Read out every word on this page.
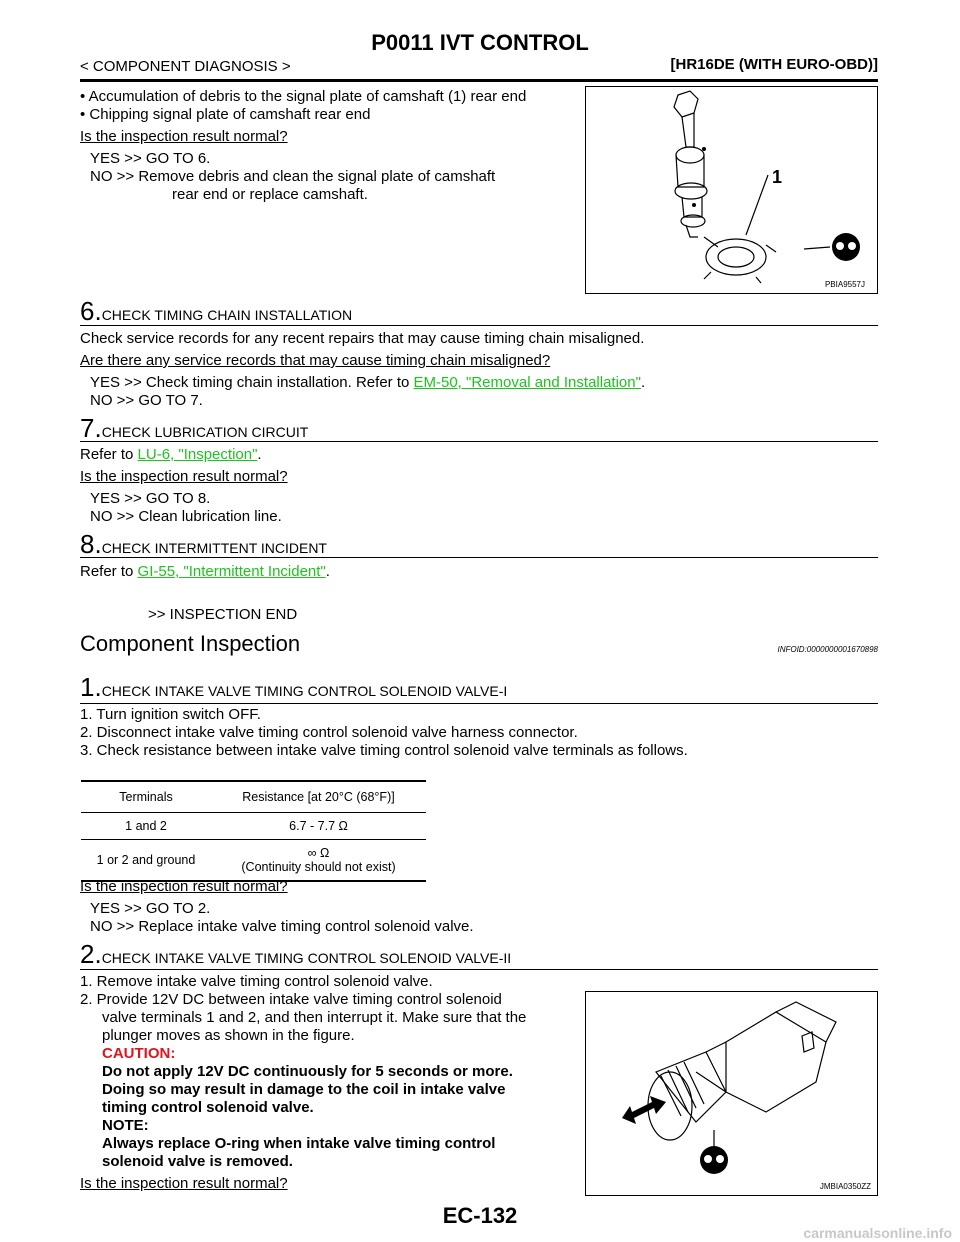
P0011 IVT CONTROL
< COMPONENT DIAGNOSIS >	[HR16DE (WITH EURO-OBD)]
• Accumulation of debris to the signal plate of camshaft (1) rear end
• Chipping signal plate of camshaft rear end
Is the inspection result normal?
YES >> GO TO 6.
NO >> Remove debris and clean the signal plate of camshaft
rear end or replace camshaft.
1
PBIA9557J
6.CHECK TIMING CHAIN INSTALLATION
Check service records for any recent repairs that may cause timing chain misaligned.
Are there any service records that may cause timing chain misaligned?
YES >> Check timing chain installation. Refer to EM-50, "Removal and Installation".
NO >> GO TO 7.
7.CHECK LUBRICATION CIRCUIT
Refer to LU-6, "Inspection".
Is the inspection result normal?
YES >> GO TO 8.
NO >> Clean lubrication line.
8.CHECK INTERMITTENT INCIDENT
Refer to GI-55, "Intermittent Incident".
>> INSPECTION END
Component Inspection	INFOID:0000000001670898
1.CHECK INTAKE VALVE TIMING CONTROL SOLENOID VALVE-I
1. Turn ignition switch OFF.
2. Disconnect intake valve timing control solenoid valve harness connector.
3. Check resistance between intake valve timing control solenoid valve terminals as follows.
Terminals	Resistance [at 20°C (68°F)]
1 and 2	6.7 - 7.7 Ω
1 or 2 and ground	∞ Ω
(Continuity should not exist)
Is the inspection result normal?
YES >> GO TO 2.
NO >> Replace intake valve timing control solenoid valve.
2.CHECK INTAKE VALVE TIMING CONTROL SOLENOID VALVE-II
1. Remove intake valve timing control solenoid valve.
2. Provide 12V DC between intake valve timing control solenoid
valve terminals 1 and 2, and then interrupt it. Make sure that the
plunger moves as shown in the figure.
CAUTION:
Do not apply 12V DC continuously for 5 seconds or more.
Doing so may result in damage to the coil in intake valve
timing control solenoid valve.
NOTE:
Always replace O-ring when intake valve timing control
solenoid valve is removed.
Is the inspection result normal?	JMBIA0350ZZ
EC-132
carmanualsonline.info
